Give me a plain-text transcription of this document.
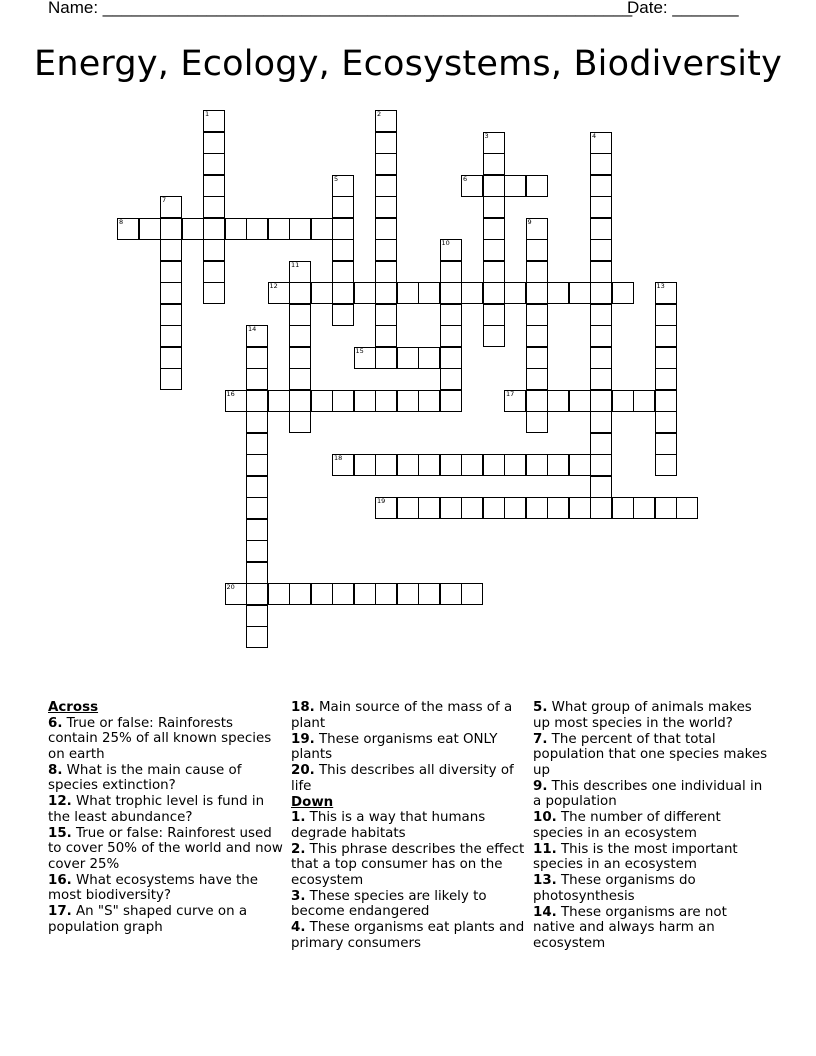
Name: ________________________________________________________
Date: _______
Energy, Ecology, Ecosystems, Biodiversity
1	2
3	4
5	6
7
8	9
10
11
12	13
14
15
16	17
18
19
20
Across
6. True or false: Rainforests contain 25% of all known species on earth
8. What is the main cause of species extinction?
12. What trophic level is fund in the least abundance?
15. True or false: Rainforest used to cover 50% of the world and now cover 25%
16. What ecosystems have the most biodiversity?
17. An "S" shaped curve on a population graph
18. Main source of the mass of a plant
19. These organisms eat ONLY plants
20. This describes all diversity of life
Down
1. This is a way that humans degrade habitats
2. This phrase describes the effect that a top consumer has on the ecosystem
3. These species are likely to become endangered
4. These organisms eat plants and primary consumers
5. What group of animals makes up most species in the world?
7. The percent of that total population that one species makes up
9. This describes one individual in a population
10. The number of different species in an ecosystem
11. This is the most important species in an ecosystem
13. These organisms do photosynthesis
14. These organisms are not native and always harm an ecosystem
